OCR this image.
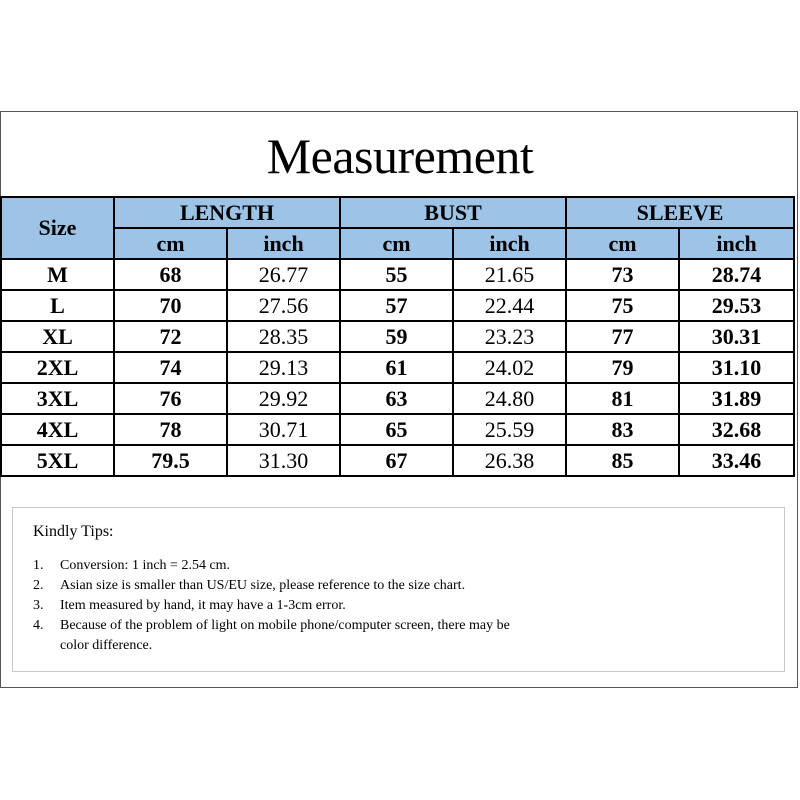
Measurement
Size	LENGTH		BUST		SLEEVE	
	cm	inch	cm	inch	cm	inch
M	68	26.77	55	21.65	73	28.74
L	70	27.56	57	22.44	75	29.53
XL	72	28.35	59	23.23	77	30.31
2XL	74	29.13	61	24.02	79	31.10
3XL	76	29.92	63	24.80	81	31.89
4XL	78	30.71	65	25.59	83	32.68
5XL	79.5	31.30	67	26.38	85	33.46
Kindly Tips:
1. Conversion: 1 inch = 2.54 cm.
2. Asian size is smaller than US/EU size, please reference to the size chart.
3. Item measured by hand, it may have a 1-3cm error.
4. Because of the problem of light on mobile phone/computer screen, there may be
color difference.
